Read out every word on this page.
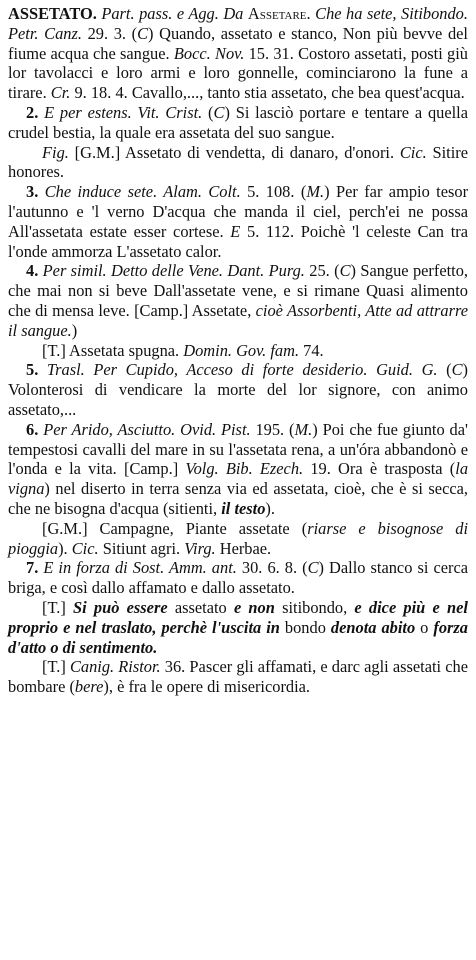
ASSETATO. Part. pass. e Agg. Da Assetare. Che ha sete, Sitibondo. Petr. Canz. 29. 3. (C) Quando, assetato e stanco, Non più bevve del fiume acqua che sangue. Bocc. Nov. 15. 31. Costoro assetati, posti giù lor tavolacci e loro armi e loro gonnelle, cominciarono la fune a tirare. Cr. 9. 18. 4. Cavallo,..., tanto stia assetato, che bea quest'acqua.

2. E per estens. Vit. Crist. (C) Si lasciò portare e tentare a quella crudel bestia, la quale era assetata del suo sangue.

Fig. [G.M.] Assetato di vendetta, di danaro, d'onori. Cic. Sitire honores.

3. Che induce sete. Alam. Colt. 5. 108. (M.) Per far ampio tesor l'autunno e 'l verno D'acqua che manda il ciel, perch'ei ne possa All'assetata estate esser cortese. E 5. 112. Poichè 'l celeste Can tra l'onde ammorza L'assetato calor.

4. Per simil. Detto delle Vene. Dant. Purg. 25. (C) Sangue perfetto, che mai non si beve Dall'assetate vene, e si rimane Quasi alimento che di mensa leve. [Camp.] Assetate, cioè Assorbenti, Atte ad attrarre il sangue.)

[T.] Assetata spugna. Domin. Gov. fam. 74.

5. Trasl. Per Cupido, Acceso di forte desiderio. Guid. G. (C) Volonterosi di vendicare la morte del lor signore, con animo assetato,...

6. Per Arido, Asciutto. Ovid. Pist. 195. (M.) Poi che fue giunto da' tempestosi cavalli del mare in su l'assetata rena, a un'óra abbandonò e l'onda e la vita. [Camp.] Volg. Bib. Ezech. 19. Ora è trasposta (la vigna) nel diserto in terra senza via ed assetata, cioè, che è si secca, che ne bisogna d'acqua (sitienti, il testo).

[G.M.] Campagne, Piante assetate (riarse e bisognose di pioggia). Cic. Sitiunt agri. Virg. Herbae.

7. E in forza di Sost. Amm. ant. 30. 6. 8. (C) Dallo stanco si cerca briga, e così dallo affamato e dallo assetato.

[T.] Si può essere assetato e non sitibondo, e dice più e nel proprio e nel traslato, perchè l'uscita in bondo denota abito o forza d'atto o di sentimento.

[T.] Canig. Ristor. 36. Pascer gli affamati, e darc agli assetati che bombare (bere), è fra le opere di misericordia.
